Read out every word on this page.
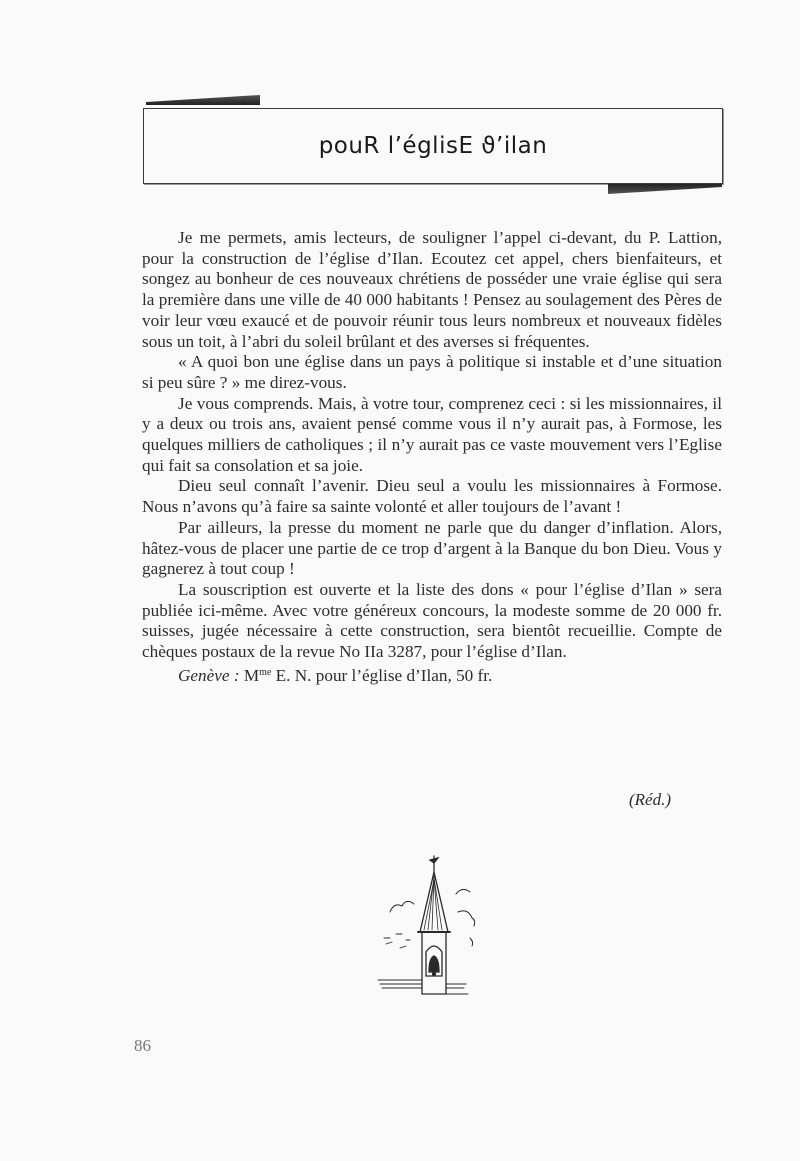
pouR l’églisE ϑ’ilan

Je me permets, amis lecteurs, de souligner l’appel ci-devant, du P. Lattion, pour la construction de l’église d’Ilan. Ecoutez cet appel, chers bienfaiteurs, et songez au bonheur de ces nouveaux chrétiens de posséder une vraie église qui sera la première dans une ville de 40 000 habitants ! Pensez au soulagement des Pères de voir leur vœu exaucé et de pouvoir réunir tous leurs nombreux et nouveaux fidèles sous un toit, à l’abri du soleil brûlant et des averses si fréquentes.

« A quoi bon une église dans un pays à politique si instable et d’une situation si peu sûre ? » me direz-vous.

Je vous comprends. Mais, à votre tour, comprenez ceci : si les missionnaires, il y a deux ou trois ans, avaient pensé comme vous il n’y aurait pas, à Formose, les quelques milliers de catholiques ; il n’y aurait pas ce vaste mouvement vers l’Eglise qui fait sa consolation et sa joie.

Dieu seul connaît l’avenir. Dieu seul a voulu les missionnaires à Formose. Nous n’avons qu’à faire sa sainte volonté et aller toujours de l’avant !

Par ailleurs, la presse du moment ne parle que du danger d’inflation. Alors, hâtez-vous de placer une partie de ce trop d’argent à la Banque du bon Dieu. Vous y gagnerez à tout coup !

La souscription est ouverte et la liste des dons « pour l’église d’Ilan » sera publiée ici-même. Avec votre généreux concours, la modeste somme de 20 000 fr. suisses, jugée nécessaire à cette construction, sera bientôt recueillie. Compte de chèques postaux de la revue No IIa 3287, pour l’église d’Ilan.

Genève : $M^{me}$ E. N. pour l’église d’Ilan, 50 fr.

(Réd.)
86
